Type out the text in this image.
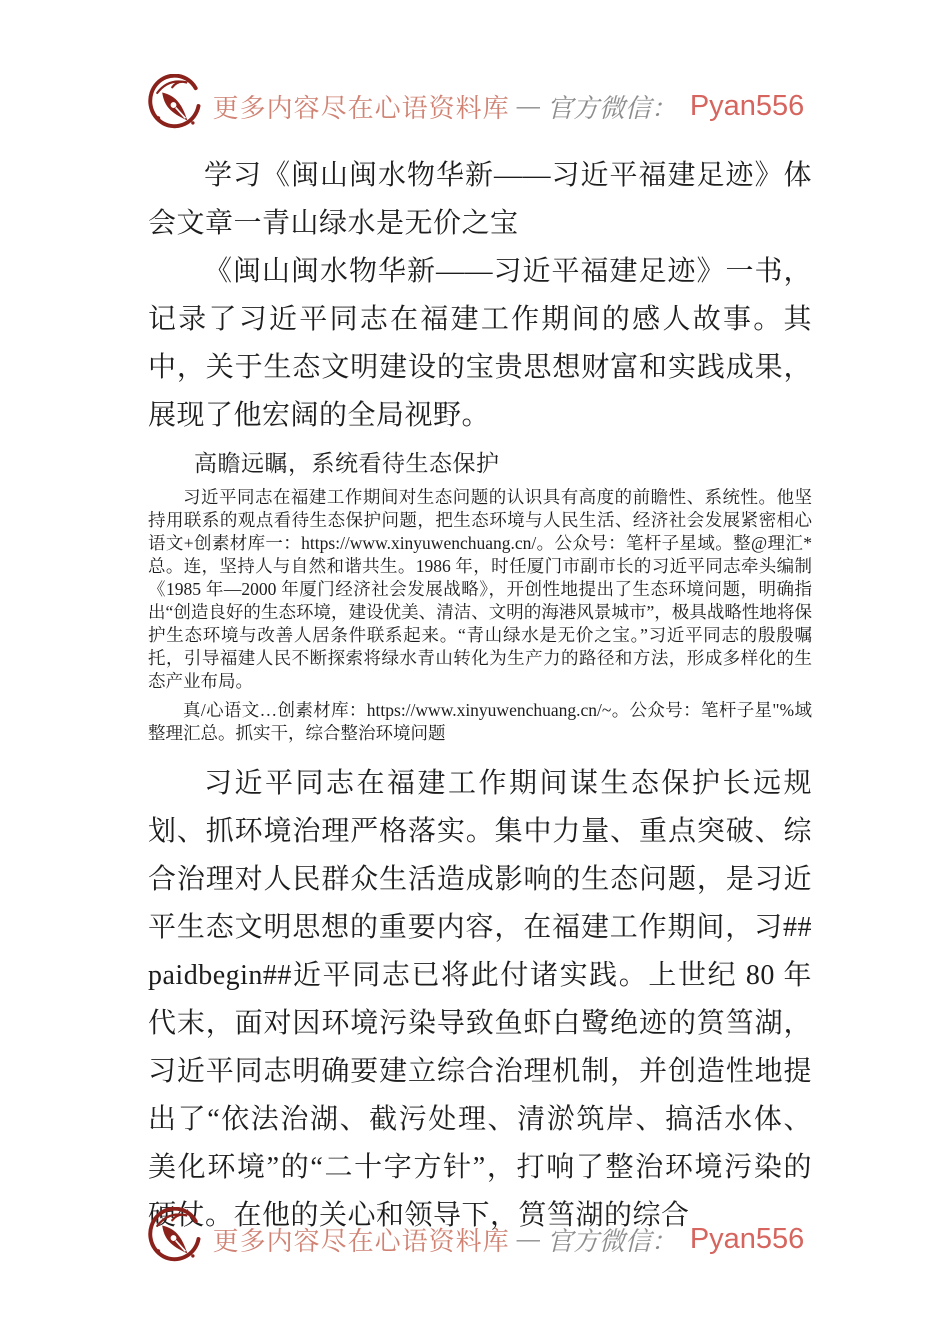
更多内容尽在心语资料库 — 官方微信： Pyan556

学习《闽山闽水物华新——习近平福建足迹》体会文章一青山绿水是无价之宝

《闽山闽水物华新——习近平福建足迹》一书，记录了习近平同志在福建工作期间的感人故事。其中，关于生态文明建设的宝贵思想财富和实践成果，展现了他宏阔的全局视野。

高瞻远瞩，系统看待生态保护

习近平同志在福建工作期间对生态问题的认识具有高度的前瞻性、系统性。他坚持用联系的观点看待生态保护问题，把生态环境与人民生活、经济社会发展紧密相心语文+创素材库一：https://www.xinyuwenchuang.cn/。公众号：笔杆子星域。整@理汇*总。连，坚持人与自然和谐共生。1986 年，时任厦门市副市长的习近平同志牵头编制《1985 年—2000 年厦门经济社会发展战略》，开创性地提出了生态环境问题，明确指出“创造良好的生态环境，建设优美、清洁、文明的海港风景城市”，极具战略性地将保护生态环境与改善人居条件联系起来。“青山绿水是无价之宝。”习近平同志的殷殷嘱托，引导福建人民不断探索将绿水青山转化为生产力的路径和方法，形成多样化的生态产业布局。

真/心语文…创素材库：https://www.xinyuwenchuang.cn/~。公众号：笔杆子星"%域整理汇总。抓实干，综合整治环境问题

习近平同志在福建工作期间谋生态保护长远规划、抓环境治理严格落实。集中力量、重点突破、综合治理对人民群众生活造成影响的生态问题，是习近平生态文明思想的重要内容，在福建工作期间，习##paidbegin##近平同志已将此付诸实践。上世纪 80 年代末，面对因环境污染导致鱼虾白鹭绝迹的筼筜湖，习近平同志明确要建立综合治理机制，并创造性地提出了“依法治湖、截污处理、清淤筑岸、搞活水体、美化环境”的“二十字方针”，打响了整治环境污染的硬仗。在他的关心和领导下，筼筜湖的综合

更多内容尽在心语资料库 — 官方微信： Pyan556
